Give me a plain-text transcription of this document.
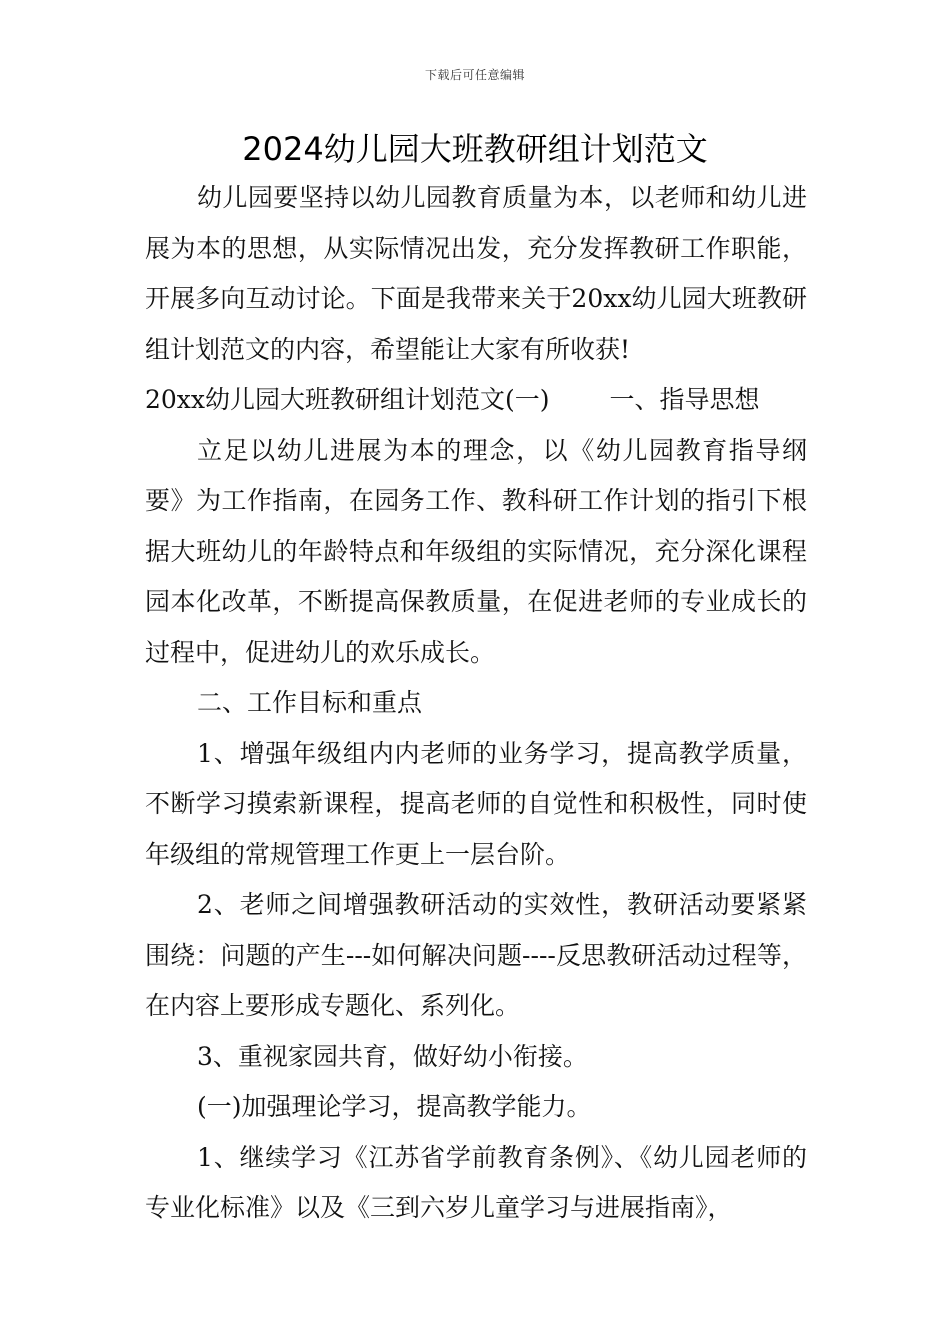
下载后可任意编辑
2024幼儿园大班教研组计划范文

幼儿园要坚持以幼儿园教育质量为本，以老师和幼儿进展为本的思想，从实际情况出发，充分发挥教研工作职能，开展多向互动讨论。下面是我带来关于20xx幼儿园大班教研组计划范文的内容，希望能让大家有所收获!

20xx幼儿园大班教研组计划范文(一) 一、指导思想

立足以幼儿进展为本的理念，以《幼儿园教育指导纲要》为工作指南，在园务工作、教科研工作计划的指引下根据大班幼儿的年龄特点和年级组的实际情况，充分深化课程园本化改革，不断提高保教质量，在促进老师的专业成长的过程中，促进幼儿的欢乐成长。

二、工作目标和重点

1、增强年级组内内老师的业务学习，提高教学质量，不断学习摸索新课程，提高老师的自觉性和积极性，同时使年级组的常规管理工作更上一层台阶。

2、老师之间增强教研活动的实效性，教研活动要紧紧围绕：问题的产生---如何解决问题----反思教研活动过程等，在内容上要形成专题化、系列化。

3、重视家园共育，做好幼小衔接。

(一)加强理论学习，提高教学能力。

1、继续学习《江苏省学前教育条例》、《幼儿园老师的专业化标准》以及《三到六岁儿童学习与进展指南》，
